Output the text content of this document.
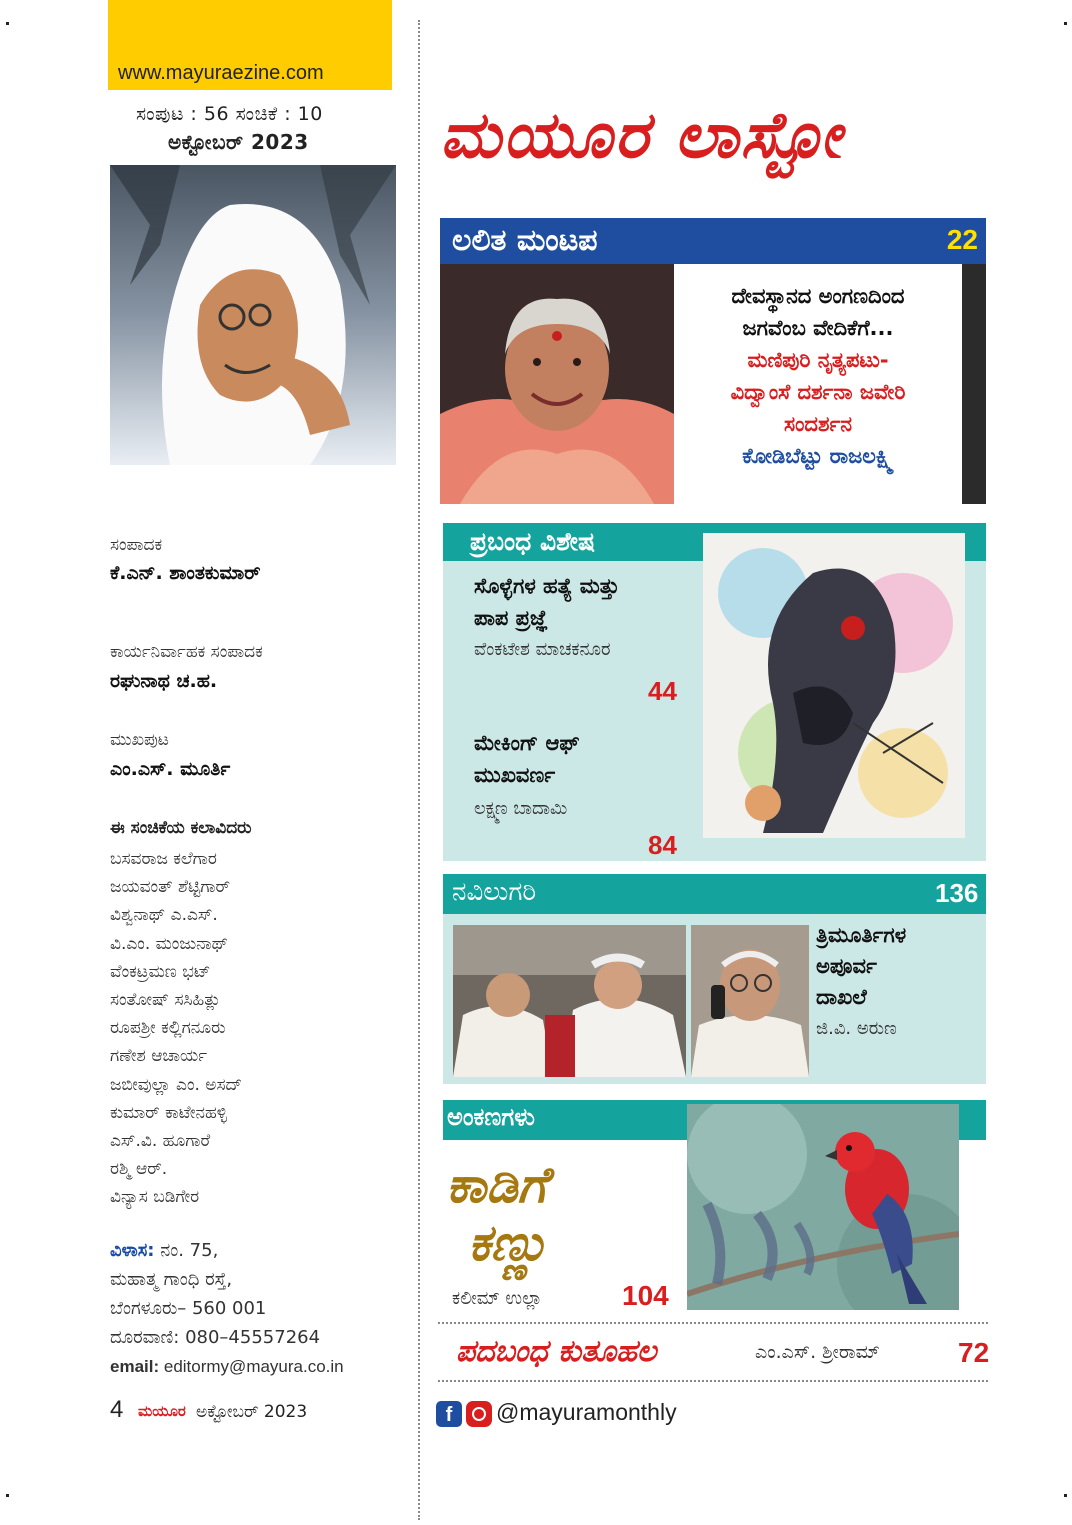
www.mayuraezine.com
ಸಂಪುಟ : 56 ಸಂಚಿಕೆ : 10
ಅಕ್ಟೋಬರ್ 2023
ಸಂಪಾದಕ
ಕೆ.ಎನ್. ಶಾಂತಕುಮಾರ್
ಕಾರ್ಯನಿರ್ವಾಹಕ ಸಂಪಾದಕ
ರಘುನಾಥ ಚ.ಹ.
ಮುಖಪುಟ
ಎಂ.ಎಸ್. ಮೂರ್ತಿ
ಈ ಸಂಚಿಕೆಯ ಕಲಾವಿದರು
ಬಸವರಾಜ ಕಲೆಗಾರ
ಜಯವಂತ್ ಶೆಟ್ಟಿಗಾರ್
ವಿಶ್ವನಾಥ್ ಎ.ಎಸ್.
ವಿ.ಎಂ. ಮಂಜುನಾಥ್
ವೆಂಕಟ್ರಮಣ ಭಟ್
ಸಂತೋಷ್ ಸಸಿಹಿತ್ಲು
ರೂಪಶ್ರೀ ಕಲ್ಲಿಗನೂರು
ಗಣೇಶ ಆಚಾರ್ಯ
ಜಬೀವುಲ್ಲಾ ಎಂ. ಅಸದ್
ಕುಮಾರ್ ಕಾಟೇನಹಳ್ಳಿ
ಎಸ್.ವಿ. ಹೂಗಾರೆ
ರಶ್ಮಿ ಆರ್.
ವಿನ್ಯಾಸ ಬಡಿಗೇರ
ವಿಳಾಸ: ನಂ. 75,
ಮಹಾತ್ಮ ಗಾಂಧಿ ರಸ್ತೆ,
ಬೆಂಗಳೂರು– 560 001
ದೂರವಾಣಿ: 080–45557264
email: editormy@mayura.co.in
4 ಮಯೂರ ಅಕ್ಟೋಬರ್ 2023
ಮಯೂರ ಲಾಸ್ಟೋ
ಲಲಿತ ಮಂಟಪ	22
ದೇವಸ್ಥಾನದ ಅಂಗಣದಿಂದ
ಜಗವೆಂಬ ವೇದಿಕೆಗೆ...
ಮಣಿಪುರಿ ನೃತ್ಯಪಟು-
ವಿದ್ವಾಂಸೆ ದರ್ಶನಾ ಜವೇರಿ
ಸಂದರ್ಶನ
ಕೋಡಿಬೆಟ್ಟು ರಾಜಲಕ್ಷ್ಮಿ
ಪ್ರಬಂಧ ವಿಶೇಷ
ಸೊಳ್ಳೆಗಳ ಹತ್ಯೆ ಮತ್ತು
ಪಾಪ ಪ್ರಜ್ಞೆ
ವೆಂಕಟೇಶ ಮಾಚಕನೂರ
44
ಮೇಕಿಂಗ್ ಆಫ್
ಮುಖವರ್ಣ
ಲಕ್ಷ್ಮಣ ಬಾದಾಮಿ
84
ನವಿಲುಗರಿ	136
ತ್ರಿಮೂರ್ತಿಗಳ
ಅಪೂರ್ವ
ದಾಖಲೆ
ಜಿ.ವಿ. ಅರುಣ
ಅಂಕಣಗಳು
ಕಾಡಿಗೆ
ಕಣ್ಣು
ಕಲೀಮ್ ಉಲ್ಲಾ	104
ಪದಬಂಧ ಕುತೂಹಲ	ಎಂ.ಎಸ್. ಶ್ರೀರಾಮ್	72
f	@mayuramonthly
